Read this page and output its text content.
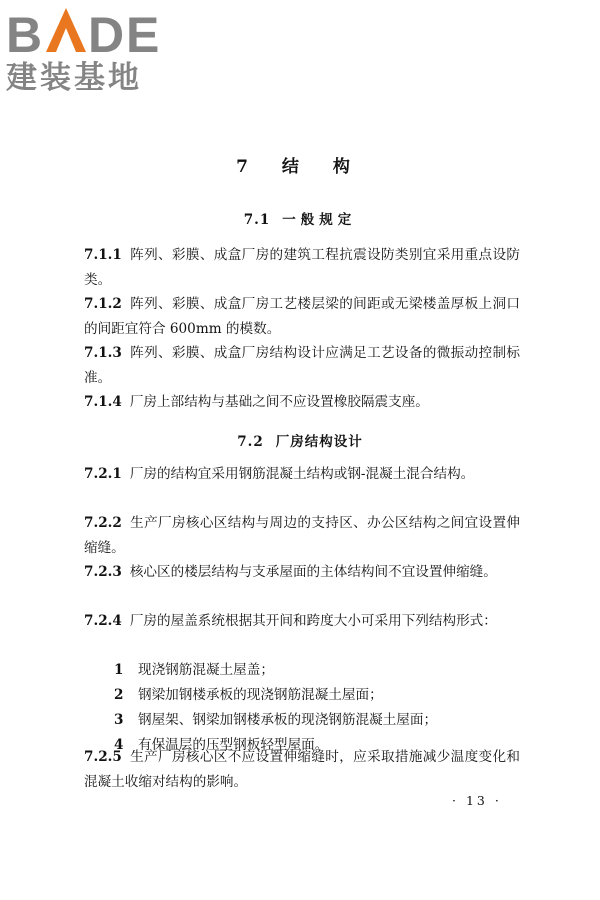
B D E
建装基地
7 结 构
7.1 一般规定

7.1.1 阵列、彩膜、成盒厂房的建筑工程抗震设防类别宜采用重点设防类。

7.1.2 阵列、彩膜、成盒厂房工艺楼层梁的间距或无梁楼盖厚板上洞口的间距宜符合 600mm 的模数。

7.1.3 阵列、彩膜、成盒厂房结构设计应满足工艺设备的微振动控制标准。

7.1.4 厂房上部结构与基础之间不应设置橡胶隔震支座。

7.2 厂房结构设计

7.2.1 厂房的结构宜采用钢筋混凝土结构或钢-混凝土混合结构。

7.2.2 生产厂房核心区结构与周边的支持区、办公区结构之间宜设置伸缩缝。

7.2.3 核心区的楼层结构与支承屋面的主体结构间不宜设置伸缩缝。

7.2.4 厂房的屋盖系统根据其开间和跨度大小可采用下列结构形式：

1 现浇钢筋混凝土屋盖；

2 钢梁加钢楼承板的现浇钢筋混凝土屋面；

3 钢屋架、钢梁加钢楼承板的现浇钢筋混凝土屋面；

4 有保温层的压型钢板轻型屋面。

7.2.5 生产厂房核心区不应设置伸缩缝时，应采取措施减少温度变化和混凝土收缩对结构的影响。

· 13 ·
